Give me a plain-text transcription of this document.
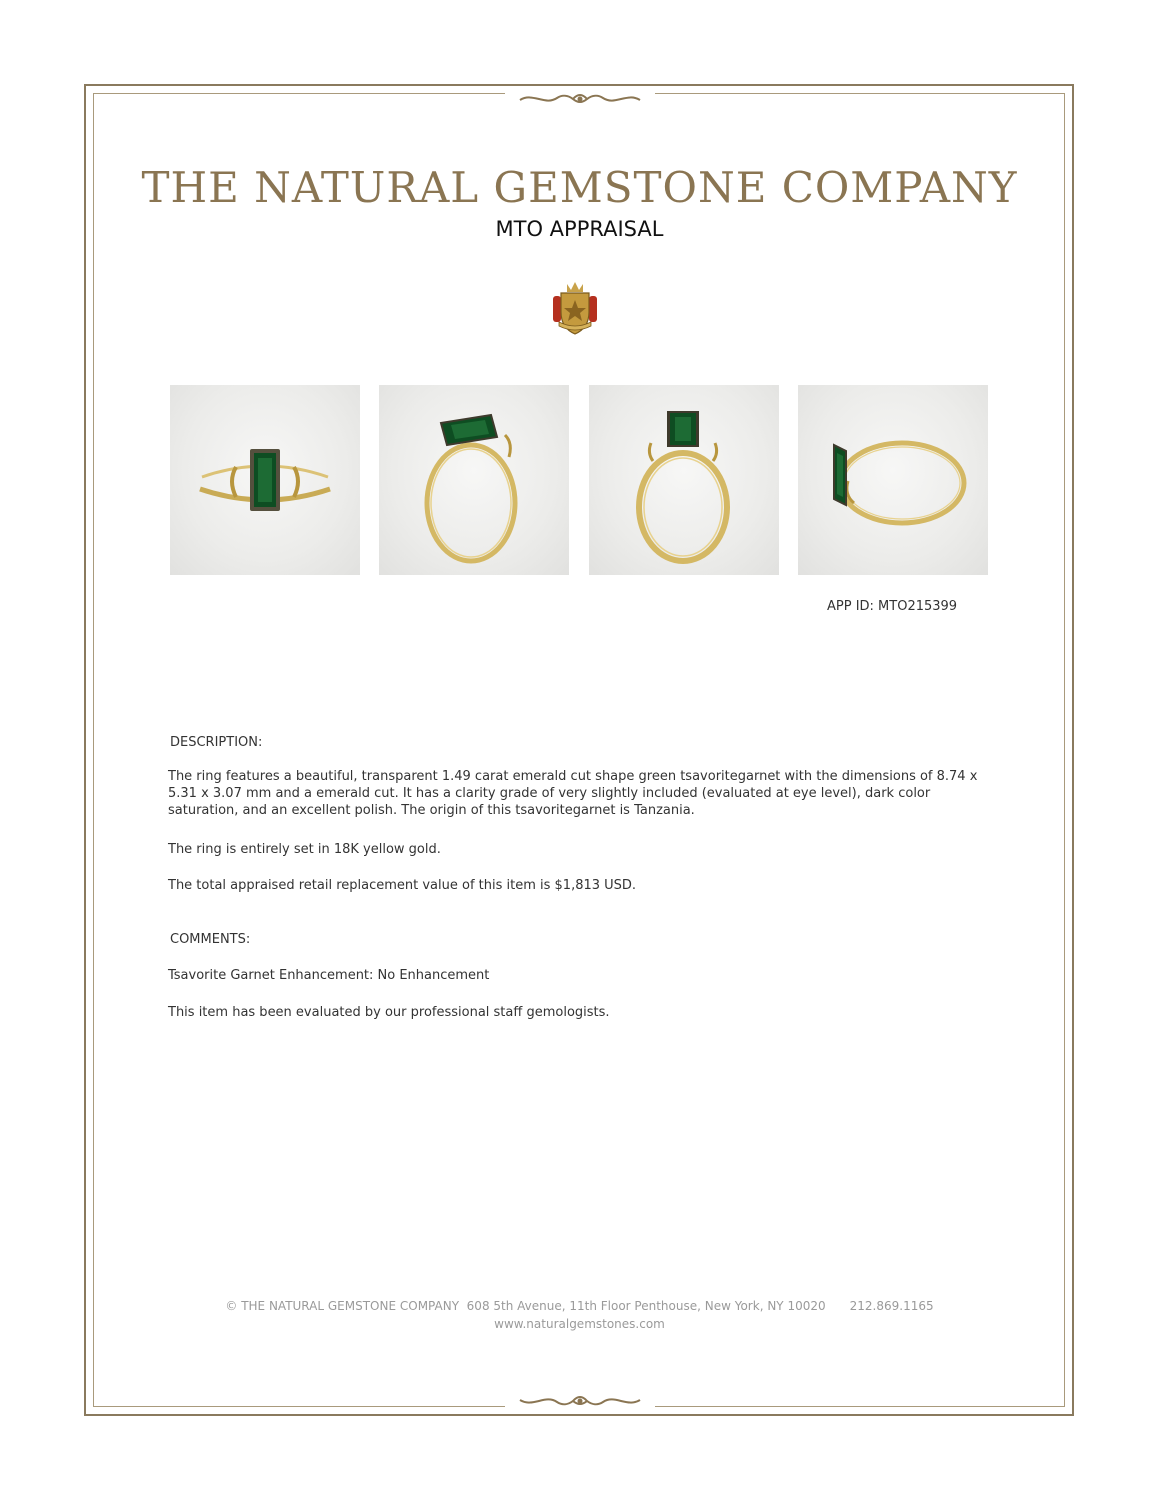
THE NATURAL GEMSTONE COMPANY
MTO APPRAISAL
APP ID: MTO215399
DESCRIPTION:
The ring features a beautiful, transparent 1.49 carat emerald cut shape green tsavoritegarnet with the dimensions of 8.74 x 5.31 x 3.07 mm and a emerald cut. It has a clarity grade of very slightly included (evaluated at eye level), dark color saturation, and an excellent polish. The origin of this tsavoritegarnet is Tanzania.
The ring is entirely set in 18K yellow gold.
The total appraised retail replacement value of this item is $1,813 USD.
COMMENTS:
Tsavorite Garnet Enhancement: No Enhancement
This item has been evaluated by our professional staff gemologists.
© THE NATURAL GEMSTONE COMPANY 608 5th Avenue, 11th Floor Penthouse, New York, NY 10020 212.869.1165
www.naturalgemstones.com
